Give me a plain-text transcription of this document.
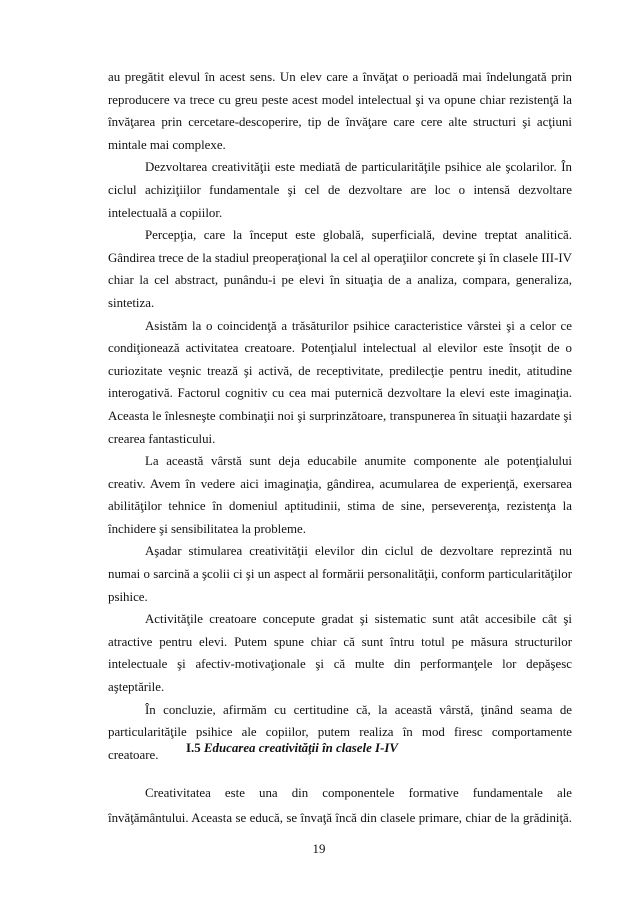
au pregătit elevul în acest sens. Un elev care a învăţat o perioadă mai îndelungată prin reproducere va trece cu greu peste acest model intelectual şi va opune chiar rezistenţă la învăţarea prin cercetare-descoperire, tip de învăţare care cere alte structuri şi acţiuni mintale mai complexe.

Dezvoltarea creativităţii este mediată de particularităţile psihice ale şcolarilor. În ciclul achiziţiilor fundamentale şi cel de dezvoltare are loc o intensă dezvoltare intelectuală a copiilor.

Percepţia, care la început este globală, superficială, devine treptat analitică. Gândirea trece de la stadiul preoperaţional la cel al operaţiilor concrete şi în clasele III-IV chiar la cel abstract, punându-i pe elevi în situaţia de a analiza, compara, generaliza, sintetiza.

Asistăm la o coincidenţă a trăsăturilor psihice caracteristice vârstei şi a celor ce condiţionează activitatea creatoare. Potenţialul intelectual al elevilor este însoţit de o curiozitate veşnic trează şi activă, de receptivitate, predilecţie pentru inedit, atitudine interogativă. Factorul cognitiv cu cea mai puternică dezvoltare la elevi este imaginaţia. Aceasta le înlesneşte combinaţii noi şi surprinzătoare, transpunerea în situaţii hazardate şi crearea fantasticului.

La această vârstă sunt deja educabile anumite componente ale potenţialului creativ. Avem în vedere aici imaginaţia, gândirea, acumularea de experienţă, exersarea abilităţilor tehnice în domeniul aptitudinii, stima de sine, perseverenţa, rezistenţa la închidere şi sensibilitatea la probleme.

Aşadar stimularea creativităţii elevilor din ciclul de dezvoltare reprezintă nu numai o sarcină a şcolii ci şi un aspect al formării personalităţii, conform particularităţilor psihice.

Activităţile creatoare concepute gradat şi sistematic sunt atât accesibile cât şi atractive pentru elevi. Putem spune chiar că sunt întru totul pe măsura structurilor intelectuale şi afectiv-motivaţionale şi că multe din performanţele lor depăşesc aşteptările.

În concluzie, afirmăm cu certitudine că, la această vârstă, ţinând seama de particularităţile psihice ale copiilor, putem realiza în mod firesc comportamente creatoare.	I.5 Educarea creativităţii în clasele I-IV

Creativitatea este una din componentele formative fundamentale ale

învăţământului. Aceasta se educă, se învaţă încă din clasele primare, chiar de la grădiniţă.

19
